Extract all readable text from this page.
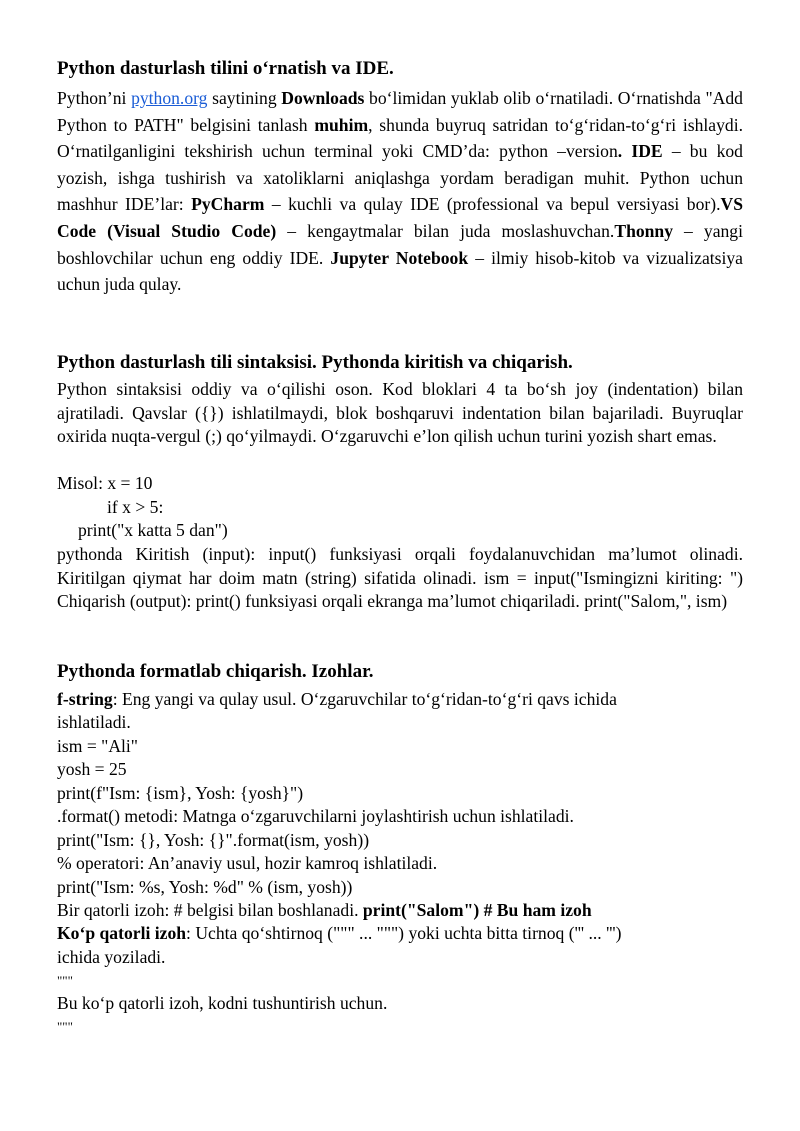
Python dasturlash tilini o‘rnatish va IDE.

Python’ni python.org saytining Downloads bo‘limidan yuklab olib o‘rnatiladi. O‘rnatishda "Add Python to PATH" belgisini tanlash muhim, shunda buyruq satridan to‘g‘ridan-to‘g‘ri ishlaydi. O‘rnatilganligini tekshirish uchun terminal yoki CMD’da: python –version. IDE – bu kod yozish, ishga tushirish va xatoliklarni aniqlashga yordam beradigan muhit. Python uchun mashhur IDE’lar: PyCharm – kuchli va qulay IDE (professional va bepul versiyasi bor).VS Code (Visual Studio Code) – kengaytmalar bilan juda moslashuvchan.Thonny – yangi boshlovchilar uchun eng oddiy IDE. Jupyter Notebook – ilmiy hisob-kitob va vizualizatsiya uchun juda qulay.

Python dasturlash tili sintaksisi. Pythonda kiritish va chiqarish.

Python sintaksisi oddiy va o‘qilishi oson. Kod bloklari 4 ta bo‘sh joy (indentation) bilan ajratiladi. Qavslar ({}) ishlatilmaydi, blok boshqaruvi indentation bilan bajariladi. Buyruqlar oxirida nuqta-vergul (;) qo‘yilmaydi. O‘zgaruvchi e’lon qilish uchun turini yozish shart emas.

Misol: x = 10
if x > 5:
print("x katta 5 dan")

pythonda Kiritish (input): input() funksiyasi orqali foydalanuvchidan ma’lumot olinadi. Kiritilgan qiymat har doim matn (string) sifatida olinadi. ism = input("Ismingizni kiriting: ") Chiqarish (output): print() funksiyasi orqali ekranga ma’lumot chiqariladi. print("Salom,", ism)

Pythonda formatlab chiqarish. Izohlar.
f-string: Eng yangi va qulay usul. O‘zgaruvchilar to‘g‘ridan-to‘g‘ri qavs ichida
ishlatiladi.
ism = "Ali"
yosh = 25
print(f"Ism: {ism}, Yosh: {yosh}")
.format() metodi: Matnga o‘zgaruvchilarni joylashtirish uchun ishlatiladi.
print("Ism: {}, Yosh: {}".format(ism, yosh))
% operatori: An’anaviy usul, hozir kamroq ishlatiladi.
print("Ism: %s, Yosh: %d" % (ism, yosh))
Bir qatorli izoh: # belgisi bilan boshlanadi. print("Salom") # Bu ham izoh
Ko‘p qatorli izoh: Uchta qo‘shtirnoq (""" ... """) yoki uchta bitta tirnoq (''' ... ''')
ichida yoziladi.
"""
Bu ko‘p qatorli izoh, kodni tushuntirish uchun.
"""
